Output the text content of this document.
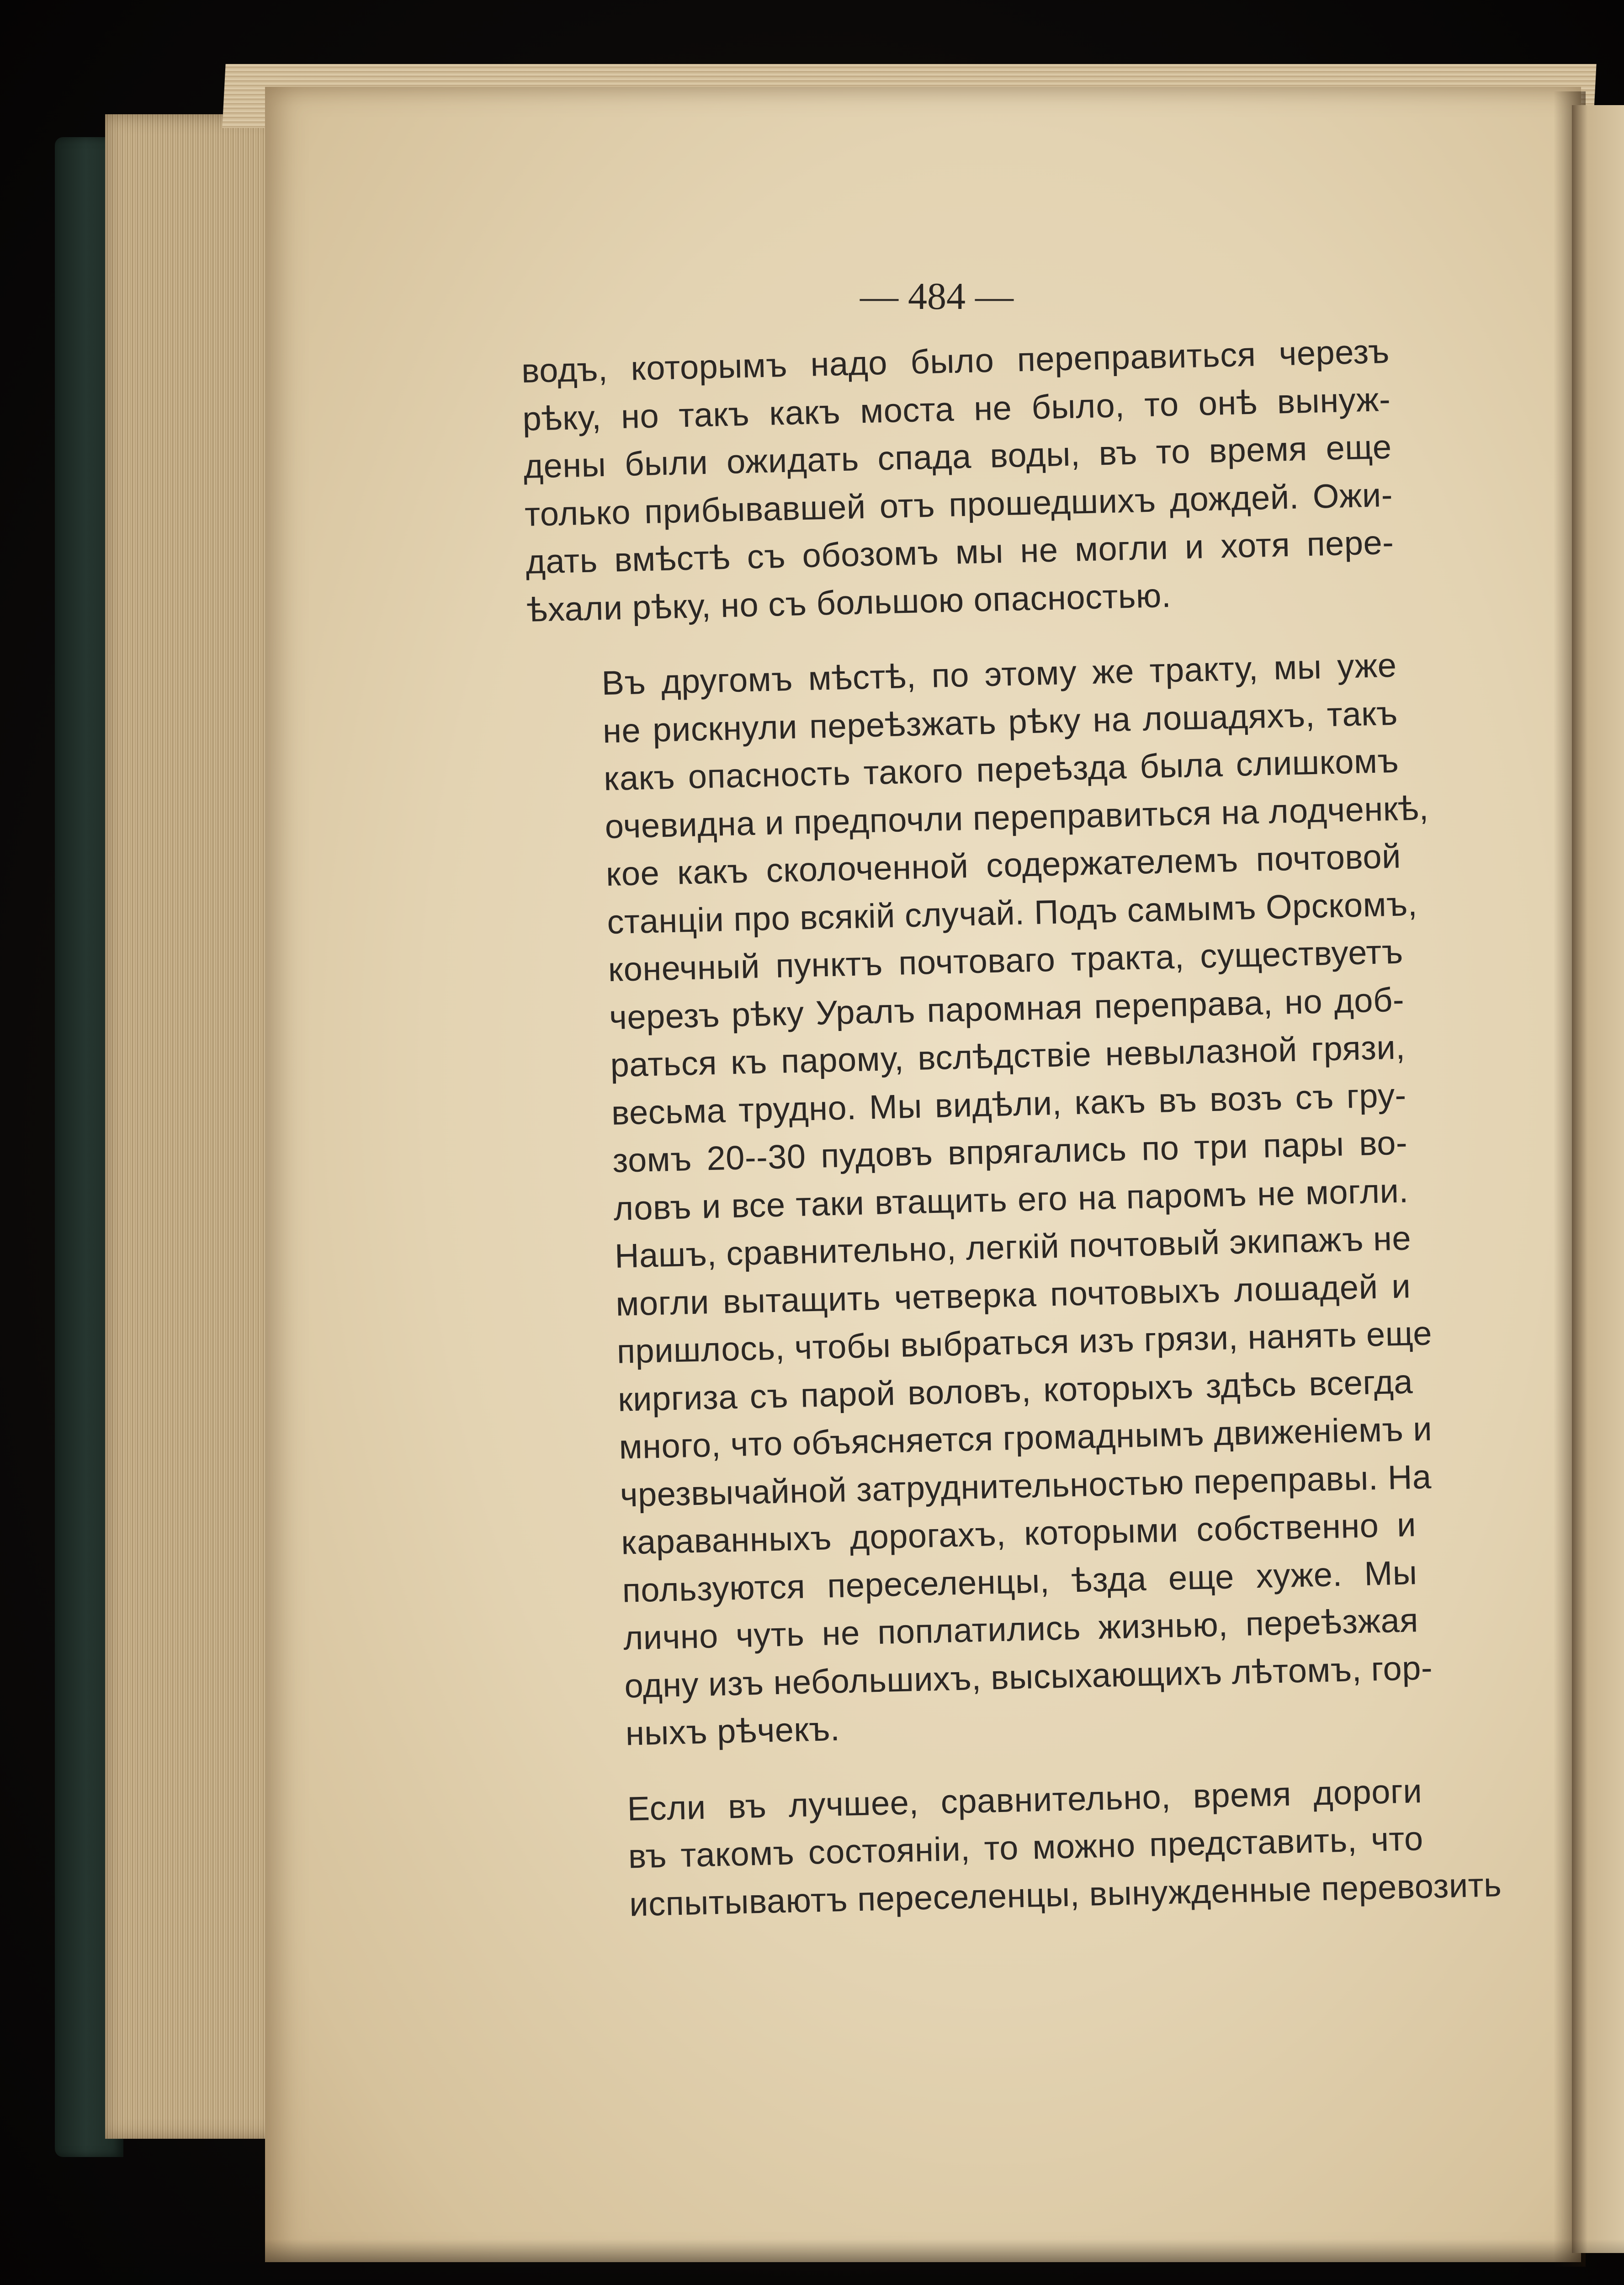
— 484 —

водъ, которымъ надо было переправиться черезъ
рѣку, но такъ какъ моста не было, то онѣ вынуж-
дены были ожидать спада воды, въ то время еще
только прибывавшей отъ прошедшихъ дождей. Ожи-
дать вмѣстѣ съ обозомъ мы не могли и хотя пере-
ѣхали рѣку, но съ большою опасностью.

Въ другомъ мѣстѣ, по этому же тракту, мы уже
не рискнули переѣзжать рѣку на лошадяхъ, такъ
какъ опасность такого переѣзда была слишкомъ
очевидна и предпочли переправиться на лодченкѣ,
кое какъ сколоченной содержателемъ почтовой
станціи про всякій случай. Подъ самымъ Орскомъ,
конечный пунктъ почтоваго тракта, существуетъ
черезъ рѣку Уралъ паромная переправа, но доб-
раться къ парому, вслѣдствіе невылазной грязи,
весьма трудно. Мы видѣли, какъ въ возъ съ гру-
зомъ 20--30 пудовъ впрягались по три пары во-
ловъ и все таки втащить его на паромъ не могли.
Нашъ, сравнительно, легкій почтовый экипажъ не
могли вытащить четверка почтовыхъ лошадей и
пришлось, чтобы выбраться изъ грязи, нанять еще
киргиза съ парой воловъ, которыхъ здѣсь всегда
много, что объясняется громаднымъ движеніемъ и
чрезвычайной затруднительностью переправы. На
караванныхъ дорогахъ, которыми собственно и
пользуются переселенцы, ѣзда еще хуже. Мы
лично чуть не поплатились жизнью, переѣзжая
одну изъ небольшихъ, высыхающихъ лѣтомъ, гор-
ныхъ рѣчекъ.

Если въ лучшее, сравнительно, время дороги
въ такомъ состояніи, то можно представить, что
испытываютъ переселенцы, вынужденные перевозить
